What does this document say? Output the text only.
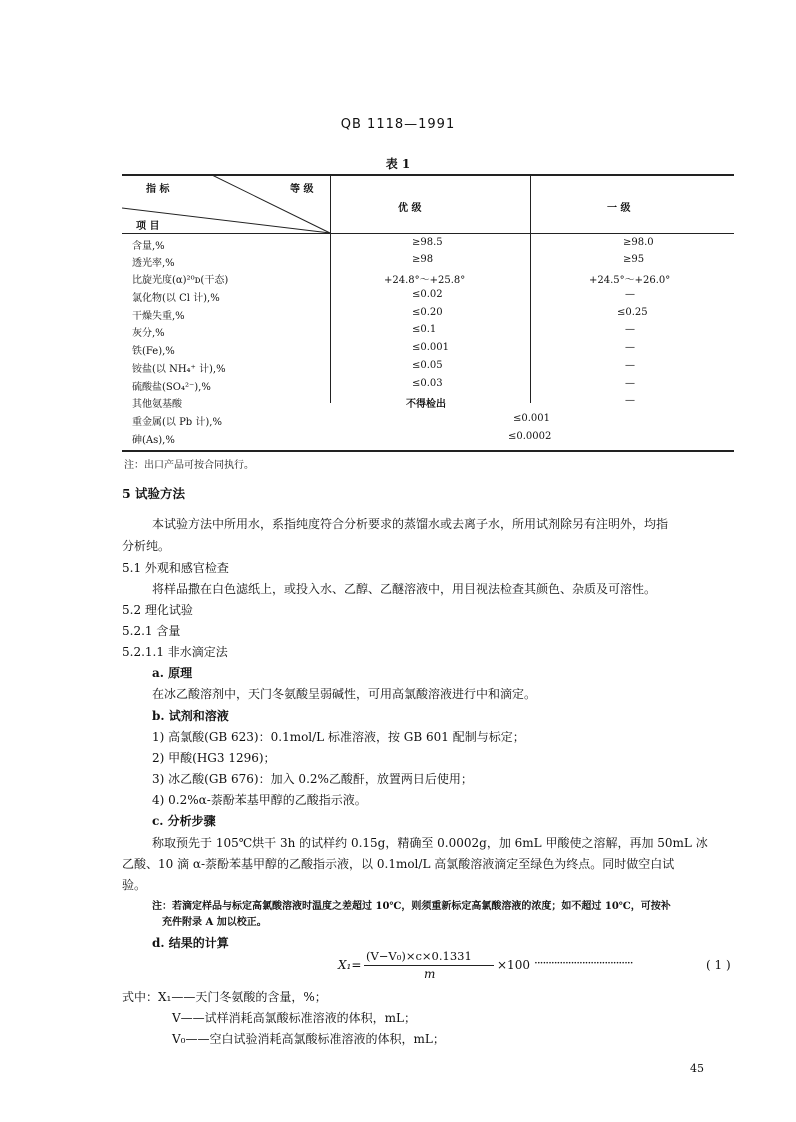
QB 1118—1991
表 1
指 标	等 级
项 目
优 级	一 级
含量,%	≥98.5	≥98.0
透光率,%	≥98	≥95
比旋光度(α)²⁰ᴅ(干态)	+24.8°～+25.8°	+24.5°～+26.0°
氯化物(以 Cl 计),%	≤0.02	—
干燥失重,%	≤0.20	≤0.25
灰分,%	≤0.1	—
铁(Fe),%	≤0.001	—
铵盐(以 NH₄⁺ 计),%	≤0.05	—
硫酸盐(SO₄²⁻),%	≤0.03	—
其他氨基酸	不得检出	—
重金属(以 Pb 计),%	≤0.001
砷(As),%	≤0.0002
注：出口产品可按合同执行。
5 试验方法
本试验方法中所用水，系指纯度符合分析要求的蒸馏水或去离子水，所用试剂除另有注明外，均指
分析纯。
5.1 外观和感官检查
将样品撒在白色滤纸上，或投入水、乙醇、乙醚溶液中，用目视法检查其颜色、杂质及可溶性。
5.2 理化试验
5.2.1 含量
5.2.1.1 非水滴定法
a. 原理
在冰乙酸溶剂中，天门冬氨酸呈弱碱性，可用高氯酸溶液进行中和滴定。
b. 试剂和溶液
1) 高氯酸(GB 623)：0.1mol/L 标准溶液，按 GB 601 配制与标定；
2) 甲酸(HG3 1296)；
3) 冰乙酸(GB 676)：加入 0.2%乙酸酐，放置两日后使用；
4) 0.2%α-萘酚苯基甲醇的乙酸指示液。
c. 分析步骤
称取预先于 105℃烘干 3h 的试样约 0.15g，精确至 0.0002g，加 6mL 甲酸使之溶解，再加 50mL 冰
乙酸、10 滴 α-萘酚苯基甲醇的乙酸指示液，以 0.1mol/L 高氯酸溶液滴定至绿色为终点。同时做空白试
验。
注：若滴定样品与标定高氯酸溶液时温度之差超过 10℃，则须重新标定高氯酸溶液的浓度；如不超过 10℃，可按补
充件附录 A 加以校正。
d. 结果的计算
X₁=
(V−V₀)×c×0.1331
m
×100 ···································	( 1 )
式中：X₁——天门冬氨酸的含量，%；
V——试样消耗高氯酸标准溶液的体积，mL；
V₀——空白试验消耗高氯酸标准溶液的体积，mL；
45
